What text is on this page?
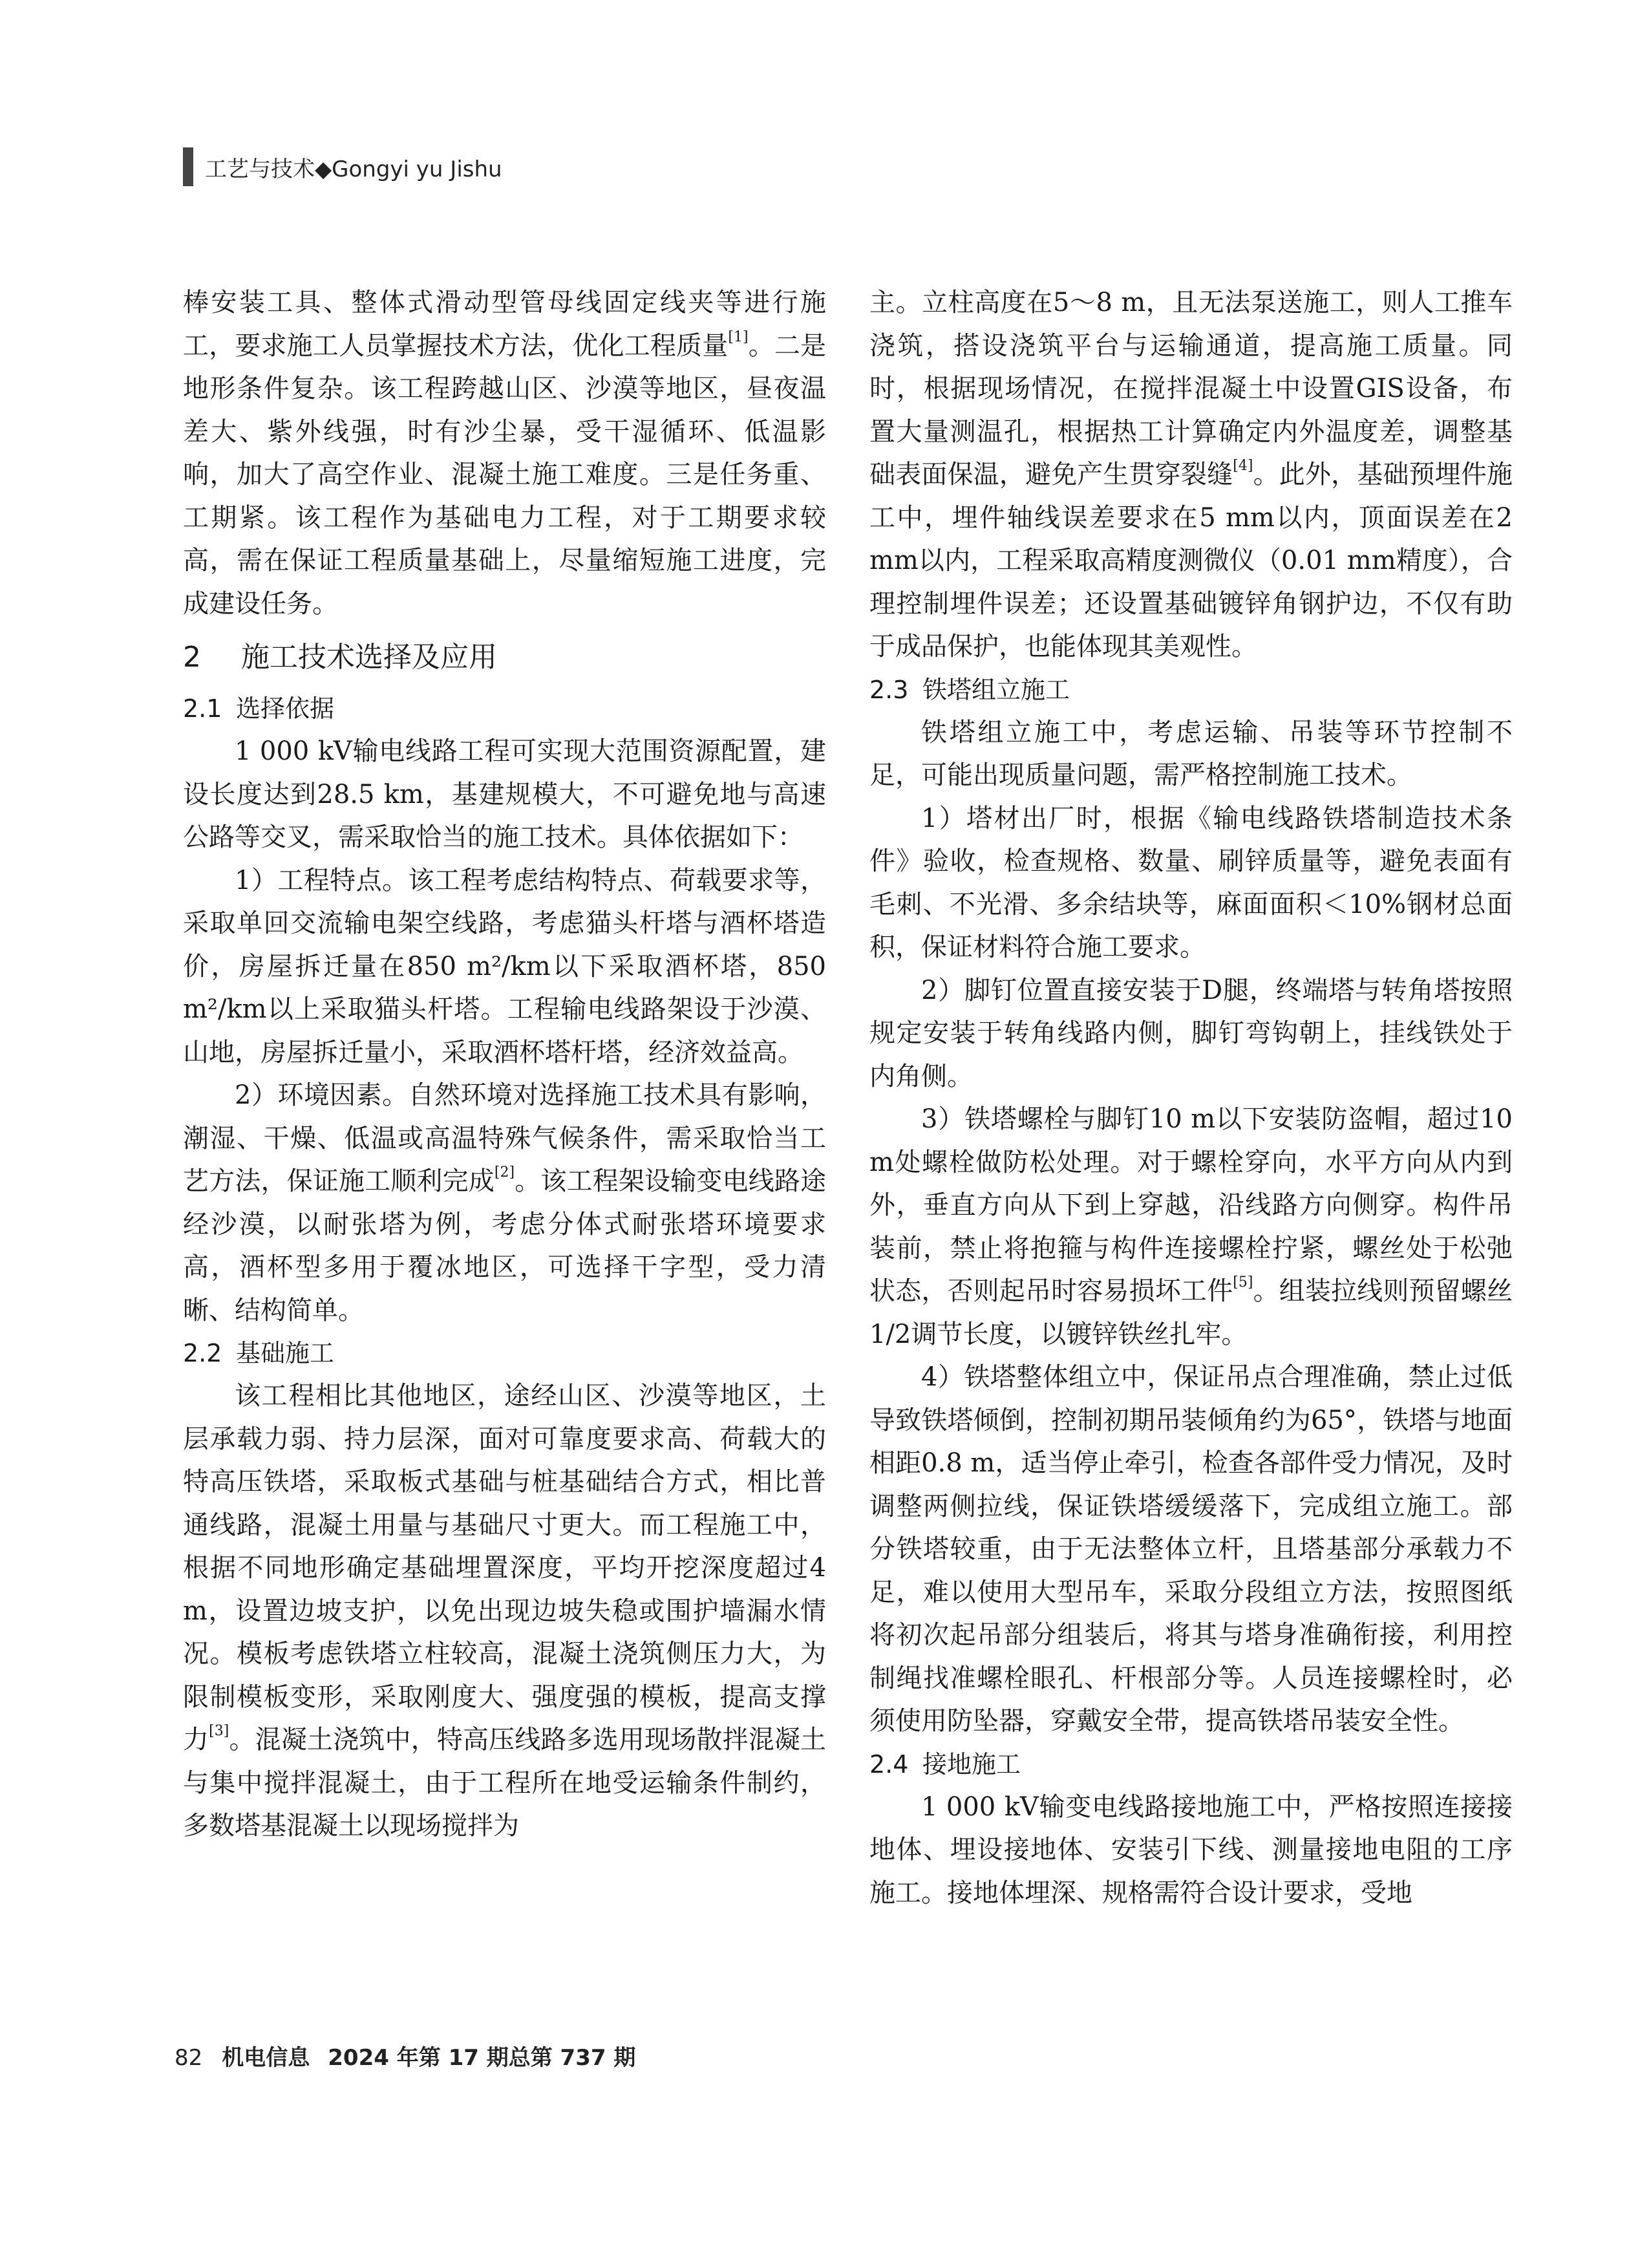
工艺与技术◆Gongyi yu Jishu

棒安装工具、整体式滑动型管母线固定线夹等进行施工，要求施工人员掌握技术方法，优化工程质量[1]。二是地形条件复杂。该工程跨越山区、沙漠等地区，昼夜温差大、紫外线强，时有沙尘暴，受干湿循环、低温影响，加大了高空作业、混凝土施工难度。三是任务重、工期紧。该工程作为基础电力工程，对于工期要求较高，需在保证工程质量基础上，尽量缩短施工进度，完成建设任务。

2 施工技术选择及应用
2.1 选择依据

1 000 kV输电线路工程可实现大范围资源配置，建设长度达到28.5 km，基建规模大，不可避免地与高速公路等交叉，需采取恰当的施工技术。具体依据如下：

1）工程特点。该工程考虑结构特点、荷载要求等，采取单回交流输电架空线路，考虑猫头杆塔与酒杯塔造价，房屋拆迁量在850 m²/km以下采取酒杯塔，850 m²/km以上采取猫头杆塔。工程输电线路架设于沙漠、山地，房屋拆迁量小，采取酒杯塔杆塔，经济效益高。

2）环境因素。自然环境对选择施工技术具有影响，潮湿、干燥、低温或高温特殊气候条件，需采取恰当工艺方法，保证施工顺利完成[2]。该工程架设输变电线路途经沙漠，以耐张塔为例，考虑分体式耐张塔环境要求高，酒杯型多用于覆冰地区，可选择干字型，受力清晰、结构简单。

2.2 基础施工

该工程相比其他地区，途经山区、沙漠等地区，土层承载力弱、持力层深，面对可靠度要求高、荷载大的特高压铁塔，采取板式基础与桩基础结合方式，相比普通线路，混凝土用量与基础尺寸更大。而工程施工中，根据不同地形确定基础埋置深度，平均开挖深度超过4 m，设置边坡支护，以免出现边坡失稳或围护墙漏水情况。模板考虑铁塔立柱较高，混凝土浇筑侧压力大，为限制模板变形，采取刚度大、强度强的模板，提高支撑力[3]。混凝土浇筑中，特高压线路多选用现场散拌混凝土与集中搅拌混凝土，由于工程所在地受运输条件制约，多数塔基混凝土以现场搅拌为

主。立柱高度在5～8 m，且无法泵送施工，则人工推车浇筑，搭设浇筑平台与运输通道，提高施工质量。同时，根据现场情况，在搅拌混凝土中设置GIS设备，布置大量测温孔，根据热工计算确定内外温度差，调整基础表面保温，避免产生贯穿裂缝[4]。此外，基础预埋件施工中，埋件轴线误差要求在5 mm以内，顶面误差在2 mm以内，工程采取高精度测微仪（0.01 mm精度），合理控制埋件误差；还设置基础镀锌角钢护边，不仅有助于成品保护，也能体现其美观性。

2.3 铁塔组立施工

铁塔组立施工中，考虑运输、吊装等环节控制不足，可能出现质量问题，需严格控制施工技术。

1）塔材出厂时，根据《输电线路铁塔制造技术条件》验收，检查规格、数量、刷锌质量等，避免表面有毛刺、不光滑、多余结块等，麻面面积＜10%钢材总面积，保证材料符合施工要求。

2）脚钉位置直接安装于D腿，终端塔与转角塔按照规定安装于转角线路内侧，脚钉弯钩朝上，挂线铁处于内角侧。

3）铁塔螺栓与脚钉10 m以下安装防盗帽，超过10 m处螺栓做防松处理。对于螺栓穿向，水平方向从内到外，垂直方向从下到上穿越，沿线路方向侧穿。构件吊装前，禁止将抱箍与构件连接螺栓拧紧，螺丝处于松弛状态，否则起吊时容易损坏工件[5]。组装拉线则预留螺丝1/2调节长度，以镀锌铁丝扎牢。

4）铁塔整体组立中，保证吊点合理准确，禁止过低导致铁塔倾倒，控制初期吊装倾角约为65°，铁塔与地面相距0.8 m，适当停止牵引，检查各部件受力情况，及时调整两侧拉线，保证铁塔缓缓落下，完成组立施工。部分铁塔较重，由于无法整体立杆，且塔基部分承载力不足，难以使用大型吊车，采取分段组立方法，按照图纸将初次起吊部分组装后，将其与塔身准确衔接，利用控制绳找准螺栓眼孔、杆根部分等。人员连接螺栓时，必须使用防坠器，穿戴安全带，提高铁塔吊装安全性。

2.4 接地施工

1 000 kV输变电线路接地施工中，严格按照连接接地体、埋设接地体、安装引下线、测量接地电阻的工序施工。接地体埋深、规格需符合设计要求，受地

82 机电信息 2024 年第 17 期总第 737 期
